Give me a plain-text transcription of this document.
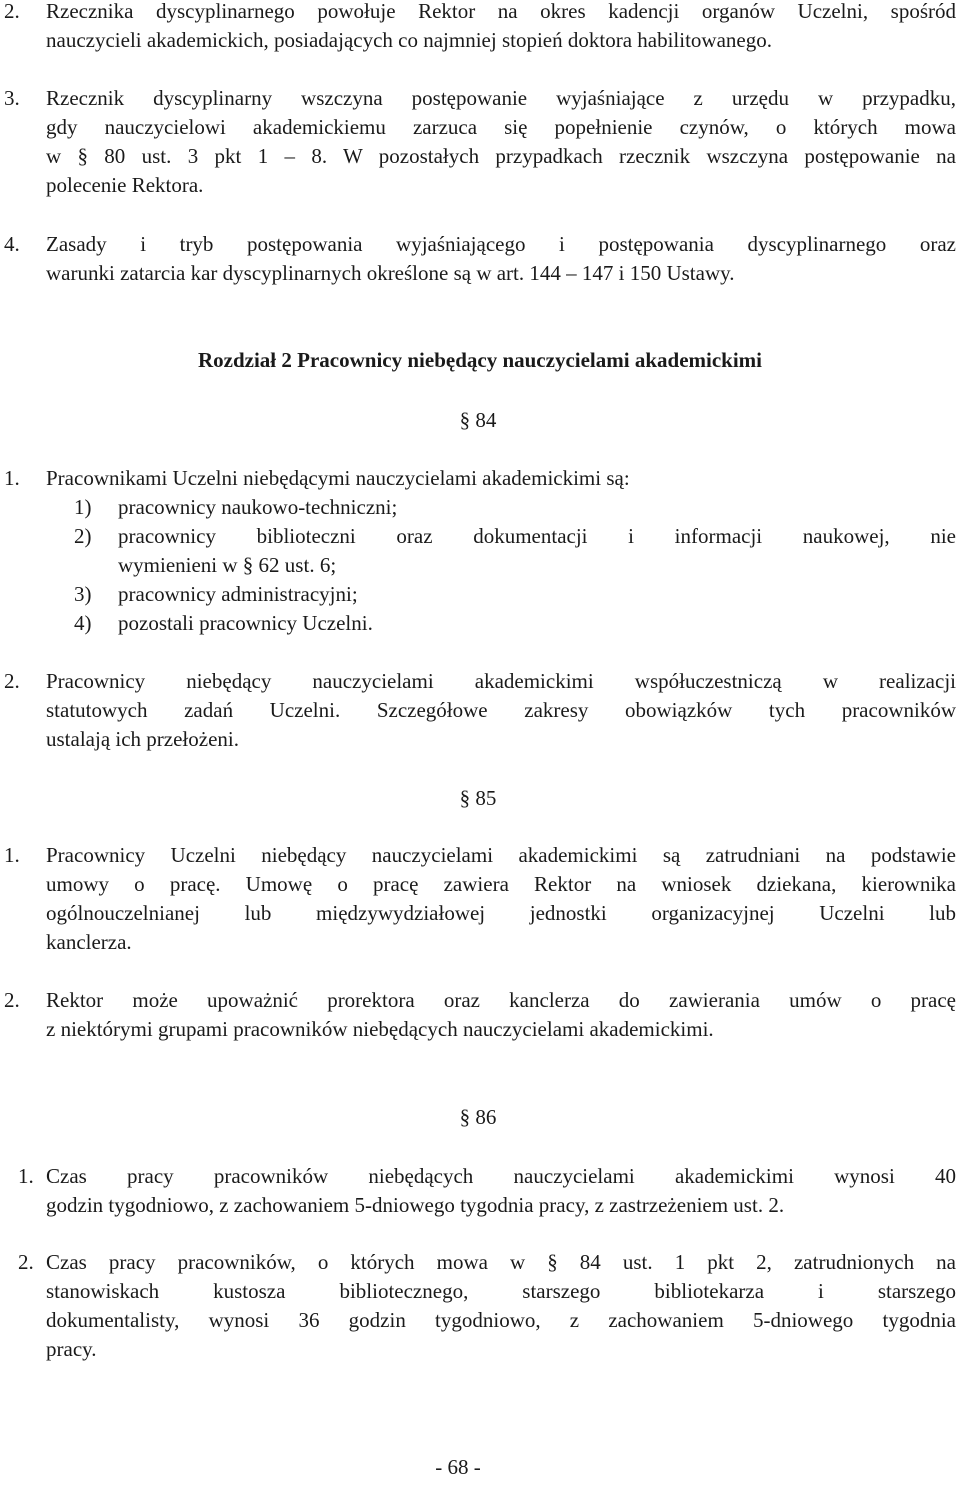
2. Rzecznika dyscyplinarnego powołuje Rektor na okres kadencji organów Uczelni, spośród
nauczycieli akademickich, posiadających co najmniej stopień doktora habilitowanego.
3. Rzecznik dyscyplinarny wszczyna postępowanie wyjaśniające z urzędu w przypadku,
gdy nauczycielowi akademickiemu zarzuca się popełnienie czynów, o których mowa
w § 80 ust. 3 pkt 1 – 8. W pozostałych przypadkach rzecznik wszczyna postępowanie na
polecenie Rektora.
4. Zasady i tryb postępowania wyjaśniającego i postępowania dyscyplinarnego oraz
warunki zatarcia kar dyscyplinarnych określone są w art. 144 – 147 i 150 Ustawy.
Rozdział 2 Pracownicy niebędący nauczycielami akademickimi
§ 84
1. Pracownikami Uczelni niebędącymi nauczycielami akademickimi są:
1) pracownicy naukowo-techniczni;
2) pracownicy bibliotеczni oraz dokumentacji i informacji naukowej, nie
wymienieni w § 62 ust. 6;
3) pracownicy administracyjni;
4) pozostali pracownicy Uczelni.
2. Pracownicy niebędący nauczycielami akademickimi współuczestniczą w realizacji
statutowych zadań Uczelni. Szczegółowe zakresy obowiązków tych pracowników
ustalają ich przełożeni.
§ 85
1. Pracownicy Uczelni niebędący nauczycielami akademickimi są zatrudniani na podstawie
umowy o pracę. Umowę o pracę zawiera Rektor na wniosek dziekana, kierownika
ogólnouczelnianej lub międzywydziałowej jednostki organizacyjnej Uczelni lub
kanclerza.
2. Rektor może upoważnić prorektora oraz kanclerza do zawierania umów o pracę
z niektórymi grupami pracowników niebędących nauczycielami akademickimi.
§ 86
1. Czas pracy pracowników niebędących nauczycielami akademickimi wynosi 40
godzin tygodniowo, z zachowaniem 5-dniowego tygodnia pracy, z zastrzeżeniem ust. 2.
2. Czas pracy pracowników, o których mowa w § 84 ust. 1 pkt 2, zatrudnionych na
stanowiskach kustosza bibliotecznego, starszego bibliotekarza i starszego
dokumentalisty, wynosi 36 godzin tygodniowo, z zachowaniem 5-dniowego tygodnia
pracy.
- 68 -
